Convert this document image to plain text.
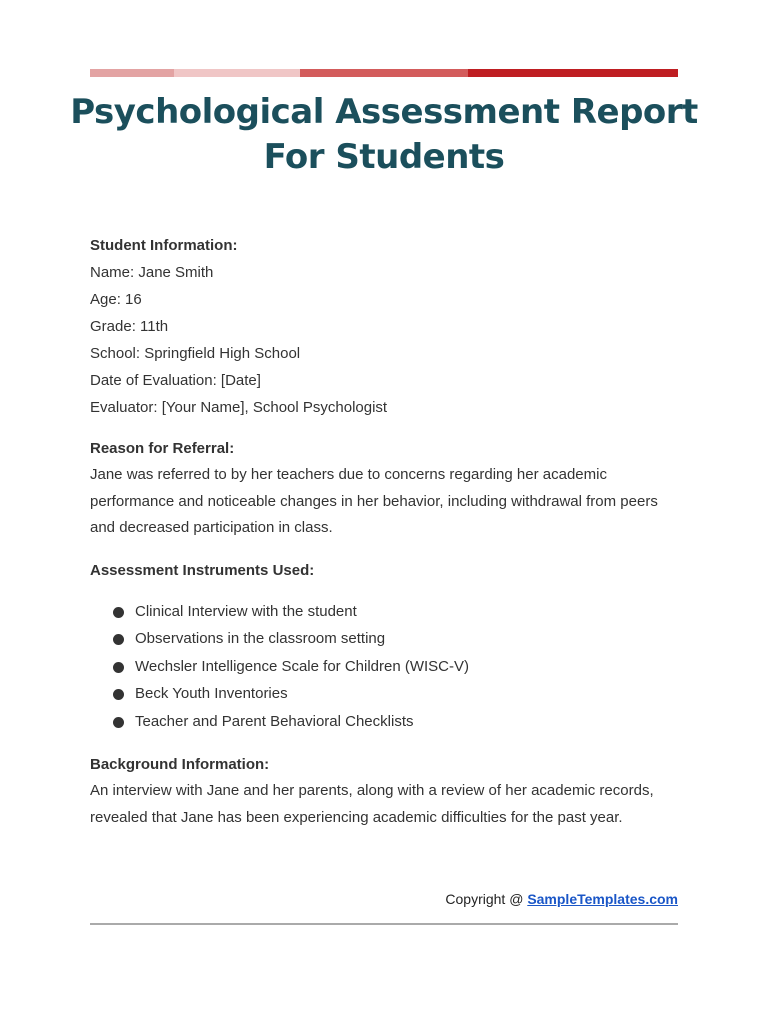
Psychological Assessment Report For Students

Student Information:

Name: Jane Smith

Age: 16

Grade: 11th

School: Springfield High School

Date of Evaluation: [Date]

Evaluator: [Your Name], School Psychologist

Reason for Referral:

Jane was referred to by her teachers due to concerns regarding her academic performance and noticeable changes in her behavior, including withdrawal from peers and decreased participation in class.

Assessment Instruments Used:

Clinical Interview with the student
Observations in the classroom setting
Wechsler Intelligence Scale for Children (WISC-V)
Beck Youth Inventories
Teacher and Parent Behavioral Checklists

Background Information:

An interview with Jane and her parents, along with a review of her academic records, revealed that Jane has been experiencing academic difficulties for the past year.

Copyright @ SampleTemplates.com
